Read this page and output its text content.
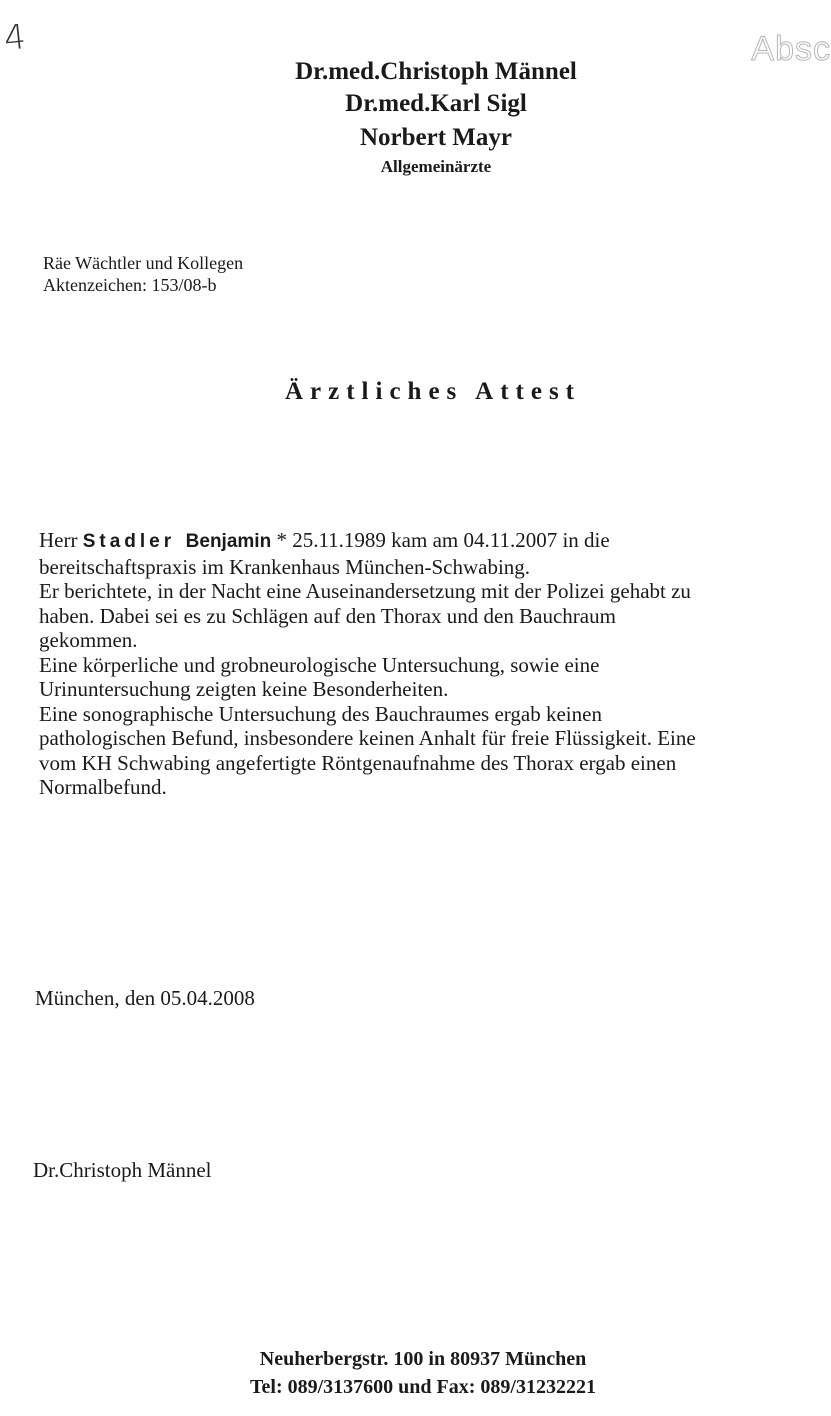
4	Absc
Dr.med.Christoph Männel
Dr.med.Karl Sigl
Norbert Mayr
Allgemeinärzte
Räe Wächtler und Kollegen
Aktenzeichen: 153/08-b
Ärztliches Attest
Herr Stadler Benjamin * 25.11.1989 kam am 04.11.2007 in die
bereitschaftspraxis im Krankenhaus München-Schwabing.
Er berichtete, in der Nacht eine Auseinandersetzung mit der Polizei gehabt zu
haben. Dabei sei es zu Schlägen auf den Thorax und den Bauchraum
gekommen.
Eine körperliche und grobneurologische Untersuchung, sowie eine
Urinuntersuchung zeigten keine Besonderheiten.
Eine sonographische Untersuchung des Bauchraumes ergab keinen
pathologischen Befund, insbesondere keinen Anhalt für freie Flüssigkeit. Eine
vom KH Schwabing angefertigte Röntgenaufnahme des Thorax ergab einen
Normalbefund.
München, den 05.04.2008
Dr.Christoph Männel
Neuherbergstr. 100 in 80937 München
Tel: 089/3137600 und Fax: 089/31232221
